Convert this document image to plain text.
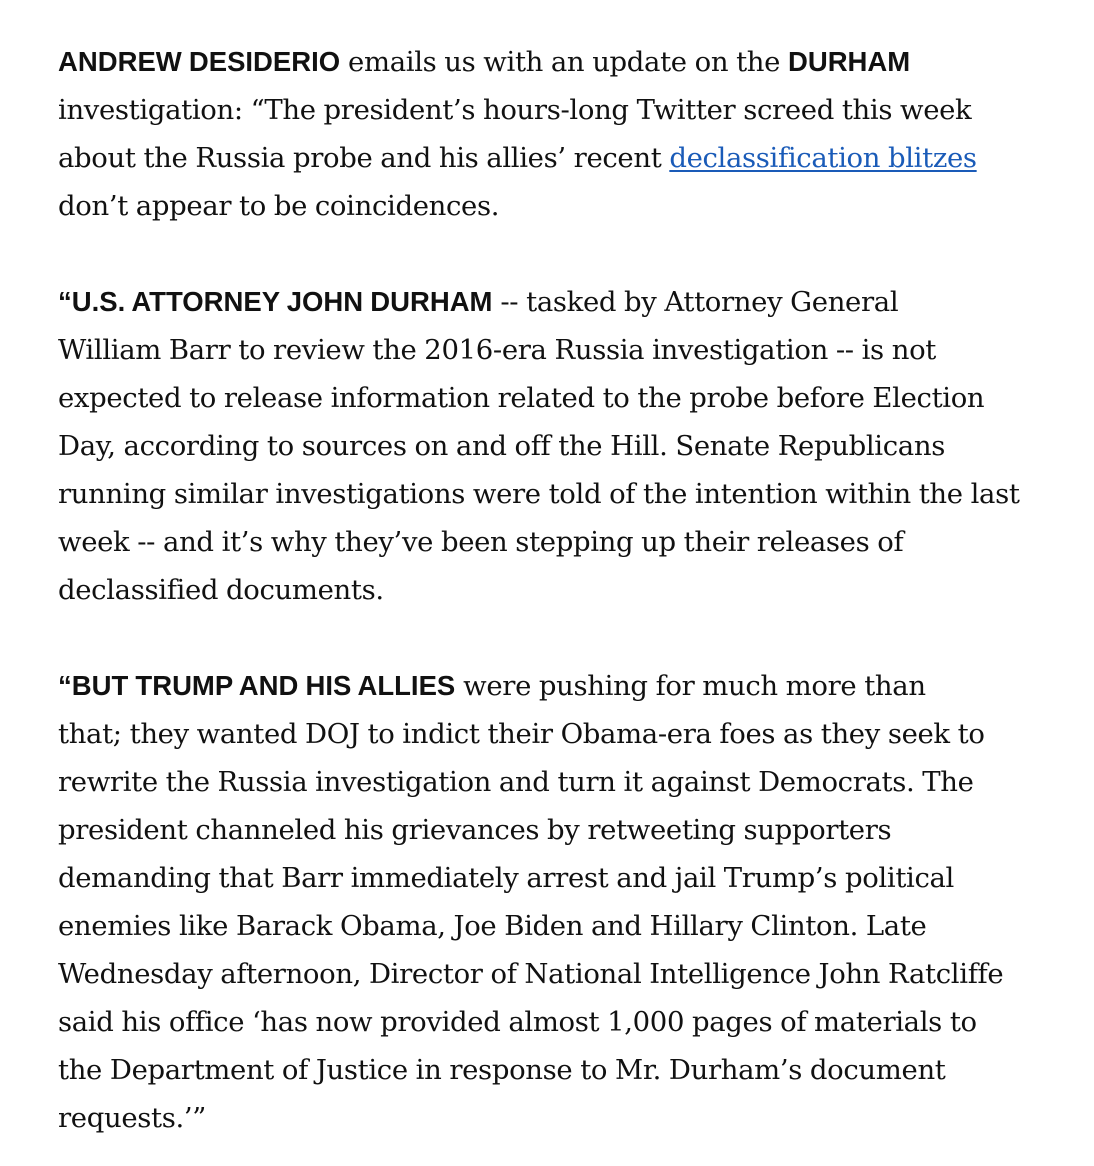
ANDREW DESIDERIO emails us with an update on the DURHAM
investigation: “The president’s hours-long Twitter screed this week
about the Russia probe and his allies’ recent declassification blitzes
don’t appear to be coincidences.
“U.S. ATTORNEY JOHN DURHAM -- tasked by Attorney General
William Barr to review the 2016-era Russia investigation -- is not
expected to release information related to the probe before Election
Day, according to sources on and off the Hill. Senate Republicans
running similar investigations were told of the intention within the last
week -- and it’s why they’ve been stepping up their releases of
declassified documents.
“BUT TRUMP AND HIS ALLIES were pushing for much more than
that; they wanted DOJ to indict their Obama-era foes as they seek to
rewrite the Russia investigation and turn it against Democrats. The
president channeled his grievances by retweeting supporters
demanding that Barr immediately arrest and jail Trump’s political
enemies like Barack Obama, Joe Biden and Hillary Clinton. Late
Wednesday afternoon, Director of National Intelligence John Ratcliffe
said his office ‘has now provided almost 1,000 pages of materials to
the Department of Justice in response to Mr. Durham’s document
requests.’”
